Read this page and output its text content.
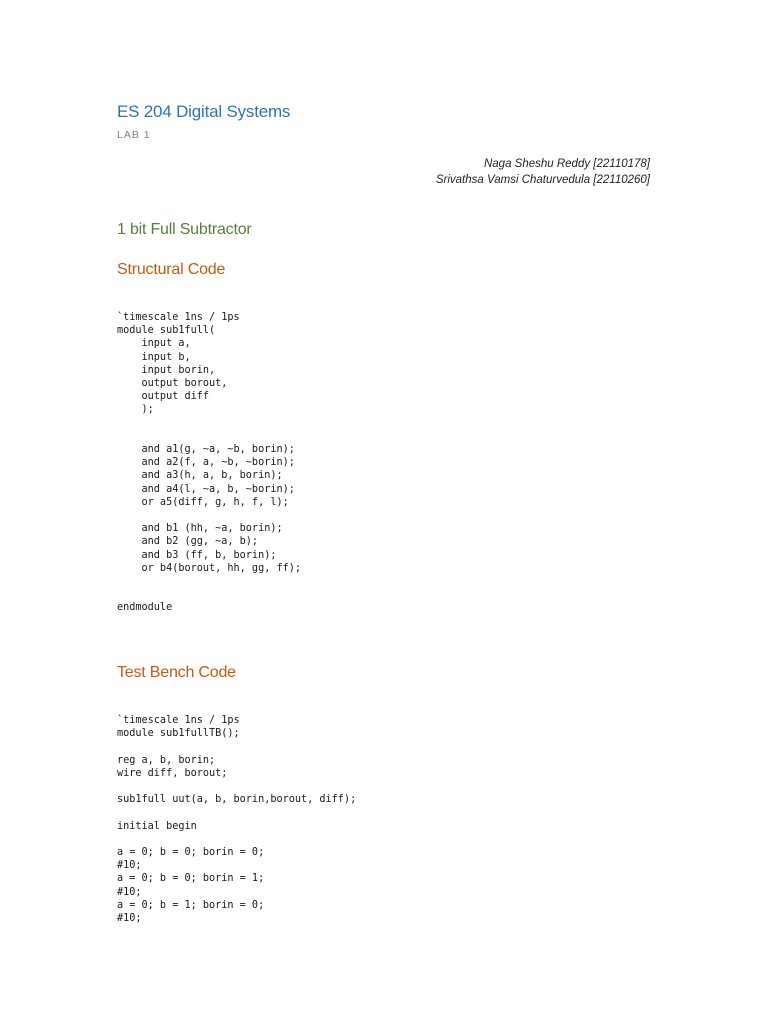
ES 204 Digital Systems
LAB 1
Naga Sheshu Reddy [22110178]
Srivathsa Vamsi Chaturvedula [22110260]
1 bit Full Subtractor
Structural Code
`timescale 1ns / 1ps
module sub1full(
input a,
input b,
input borin,
output borout,
output diff
);

and a1(g, ~a, ~b, borin);
and a2(f, a, ~b, ~borin);
and a3(h, a, b, borin);
and a4(l, ~a, b, ~borin);
or a5(diff, g, h, f, l);

and b1 (hh, ~a, borin);
and b2 (gg, ~a, b);
and b3 (ff, b, borin);
or b4(borout, hh, gg, ff);

endmodule
Test Bench Code
`timescale 1ns / 1ps
module sub1fullTB();

reg a, b, borin;
wire diff, borout;

sub1full uut(a, b, borin,borout, diff);

initial begin

a = 0; b = 0; borin = 0;
#10;
a = 0; b = 0; borin = 1;
#10;
a = 0; b = 1; borin = 0;
#10;
